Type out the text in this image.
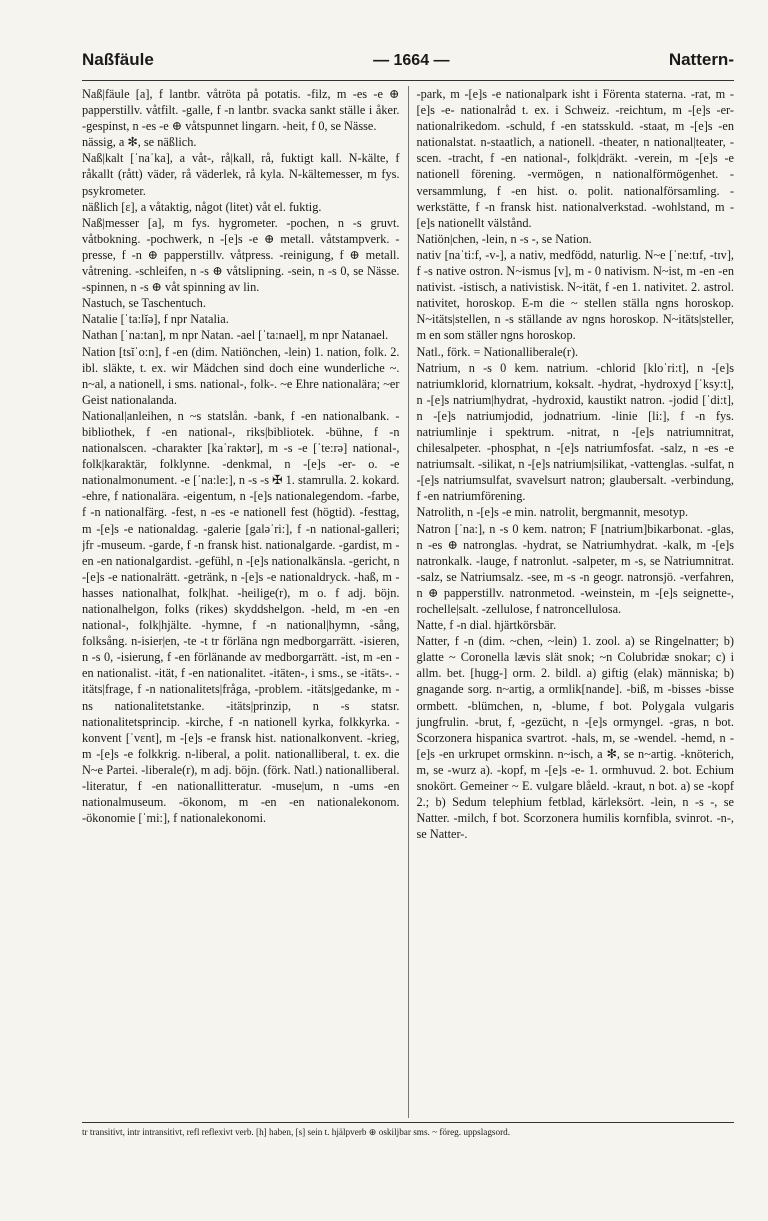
Naßfäule	— 1664 —	Nattern-

Naß|fäule [a], f lantbr. våtröta på potatis. -filz, m -es -e ⊕ papperstillv. våtfilt. -galle, f -n lantbr. svacka sankt ställe i åker. -gespinst, n -es -e ⊕ våtspunnet lingarn. -heit, f 0, se Nässe.

nässig, a ✻, se näßlich.

Naß|kalt [ˈnaˈka], a våt-, rå|kall, rå, fuktigt kall. N-kälte, f råkallt (rått) väder, rå väderlek, rå kyla. N-kältemesser, m fys. psykrometer.

näßlich [ɛ], a våtaktig, något (litet) våt el. fuktig.

Naß|messer [a], m fys. hygrometer. -pochen, n -s gruvt. våtbokning. -pochwerk, n -[e]s -e ⊕ metall. våtstampverk. -presse, f -n ⊕ papperstillv. våtpress. -reinigung, f ⊕ metall. våtrening. -schleifen, n -s ⊕ våtslipning. -sein, n -s 0, se Nässe. -spinnen, n -s ⊕ våt spinning av lin.

Nastuch, se Taschentuch.

Natalie [ˈta:lĭə], f npr Natalia.

Nathan [ˈna:tan], m npr Natan. -ael [ˈta:nael], m npr Natanael.

Nation [tsĭˈo:n], f -en (dim. Natiönchen, -lein) 1. nation, folk. 2. ibl. släkte, t. ex. wir Mädchen sind doch eine wunderliche ~. n~al, a nationell, i sms. national-, folk-. ~e Ehre nationalära; ~er Geist nationalanda.

National|anleihen, n ~s statslån. -bank, f -en nationalbank. -bibliothek, f -en national-, riks|bibliotek. -bühne, f -n nationalscen. -charakter [kaˈraktər], m -s -e [ˈte:rə] national-, folk|karaktär, folklynne. -denkmal, n -[e]s -er- o. -e nationalmonument. -e [ˈna:le:], n -s -s ✠ 1. stamrulla. 2. kokard. -ehre, f nationalära. -eigentum, n -[e]s nationalegendom. -farbe, f -n nationalfärg. -fest, n -es -e nationell fest (högtid). -festtag, m -[e]s -e nationaldag. -galerie [galəˈri:], f -n national-galleri; jfr -museum. -garde, f -n fransk hist. nationalgarde. -gardist, m -en -en nationalgardist. -gefühl, n -[e]s nationalkänsla. -gericht, n -[e]s -e nationalrätt. -getränk, n -[e]s -e nationaldryck. -haß, m -hasses nationalhat, folk|hat. -heilige(r), m o. f adj. böjn. nationalhelgon, folks (rikes) skyddshelgon. -held, m -en -en national-, folk|hjälte. -hymne, f -n national|hymn, -sång, folksång. n-isier|en, -te -t tr förläna ngn medborgarrätt. -isieren, n -s 0, -isierung, f -en förlänande av medborgarrätt. -ist, m -en -en nationalist. -ität, f -en nationalitet. -itäten-, i sms., se -itäts-. -itäts|frage, f -n nationalitets|fråga, -problem. -itäts|gedanke, m -ns nationalitetstanke. -itäts|prinzip, n -s statsr. nationalitetsprincip. -kirche, f -n nationell kyrka, folkkyrka. -konvent [ˈvɛnt], m -[e]s -e fransk hist. nationalkonvent. -krieg, m -[e]s -e folkkrig. n-liberal, a polit. nationalliberal, t. ex. die N~e Partei. -liberale(r), m adj. böjn. (förk. Natl.) nationalliberal. -literatur, f -en nationallitteratur. -muse|um, n -ums -en nationalmuseum. -ökonom, m -en -en nationalekonom. -ökonomie [ˈmi:], f nationalekonomi.

-park, m -[e]s -e nationalpark isht i Förenta staterna. -rat, m -[e]s -e- nationalråd t. ex. i Schweiz. -reichtum, m -[e]s -er- nationalrikedom. -schuld, f -en statsskuld. -staat, m -[e]s -en nationalstat. n-staatlich, a nationell. -theater, n national|teater, -scen. -tracht, f -en national-, folk|dräkt. -verein, m -[e]s -e nationell förening. -vermögen, n nationalförmögenhet. -versammlung, f -en hist. o. polit. nationalförsamling. -werkstätte, f -n fransk hist. nationalverkstad. -wohlstand, m -[e]s nationellt välstånd.

Natiön|chen, -lein, n -s -, se Nation.

nativ [naˈti:f, -v-], a nativ, medfödd, naturlig. N~e [ˈne:tɪf, -tɪv], f -s native ostron. N~ismus [v], m - 0 nativism. N~ist, m -en -en nativist. -istisch, a nativistisk. N~ität, f -en 1. nativitet. 2. astrol. nativitet, horoskop. E-m die ~ stellen ställa ngns horoskop. N~itäts|stellen, n -s ställande av ngns horoskop. N~itäts|steller, m en som ställer ngns horoskop.

Natl., förk. = Nationalliberale(r).

Natrium, n -s 0 kem. natrium. -chlorid [kloˈri:t], n -[e]s natriumklorid, klornatrium, koksalt. -hydrat, -hydroxyd [ˈksy:t], n -[e]s natrium|hydrat, -hydroxid, kaustikt natron. -jodid [ˈdi:t], n -[e]s natriumjodid, jodnatrium. -linie [li:], f -n fys. natriumlinje i spektrum. -nitrat, n -[e]s natriumnitrat, chilesalpeter. -phosphat, n -[e]s natriumfosfat. -salz, n -es -e natriumsalt. -silikat, n -[e]s natrium|silikat, -vattenglas. -sulfat, n -[e]s natriumsulfat, svavelsurt natron; glaubersalt. -verbindung, f -en natriumförening.

Natrolith, n -[e]s -e min. natrolit, bergmannit, mesotyp.

Natron [ˈna:], n -s 0 kem. natron; F [natrium]bikarbonat. -glas, n -es ⊕ natronglas. -hydrat, se Natriumhydrat. -kalk, m -[e]s natronkalk. -lauge, f natronlut. -salpeter, m -s, se Natriumnitrat. -salz, se Natriumsalz. -see, m -s -n geogr. natronsjö. -verfahren, n ⊕ papperstillv. natronmetod. -weinstein, m -[e]s seignette-, rochelle|salt. -zellulose, f natroncellulosa.

Natte, f -n dial. hjärtkörsbär.

Natter, f -n (dim. ~chen, ~lein) 1. zool. a) se Ringelnatter; b) glatte ~ Coronella lævis slät snok; ~n Colubridæ snokar; c) i allm. bet. [hugg-] orm. 2. bildl. a) giftig (elak) människa; b) gnagande sorg. n~artig, a ormlik[nande]. -biß, m -bisses -bisse ormbett. -blümchen, n, -blume, f bot. Polygala vulgaris jungfrulin. -brut, f, -gezücht, n -[e]s ormyngel. -gras, n bot. Scorzonera hispanica svartrot. -hals, m, se -wendel. -hemd, n -[e]s -en urkrupet ormskinn. n~isch, a ✻, se n~artig. -knöterich, m, se -wurz a). -kopf, m -[e]s -e- 1. ormhuvud. 2. bot. Echium snokört. Gemeiner ~ E. vulgare blåeld. -kraut, n bot. a) se -kopf 2.; b) Sedum telephium fetblad, kärleksört. -lein, n -s -, se Natter. -milch, f bot. Scorzonera humilis kornfibla, svinrot. -n-, se Natter-.

tr transitivt, intr intransitivt, refl reflexivt verb. [h] haben, [s] sein t. hjälpverb ⊕ oskiljbar sms. ~ föreg. uppslagsord.
